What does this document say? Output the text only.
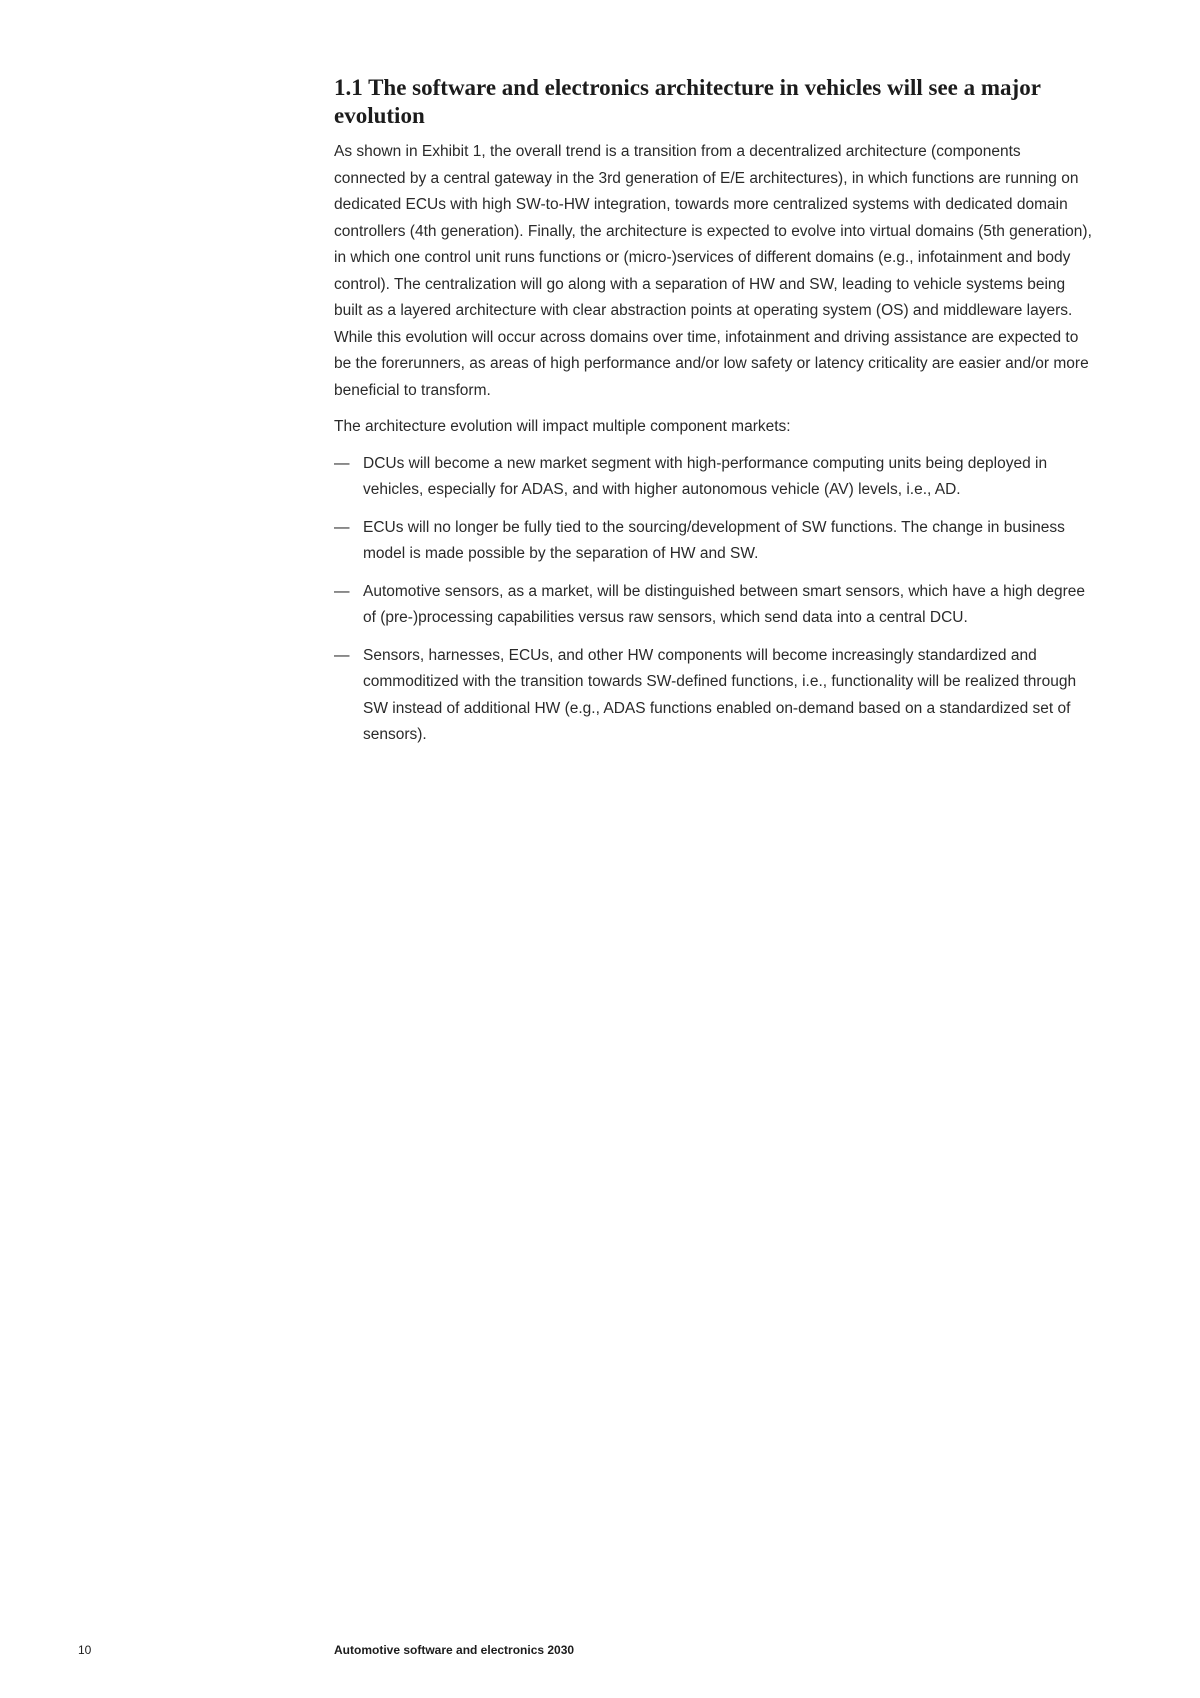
1.1 The software and electronics architecture in vehicles will see a major evolution

As shown in Exhibit 1, the overall trend is a transition from a decentralized architecture (components connected by a central gateway in the 3rd generation of E/E architectures), in which functions are running on dedicated ECUs with high SW-to-HW integration, towards more centralized systems with dedicated domain controllers (4th generation). Finally, the architecture is expected to evolve into virtual domains (5th generation), in which one control unit runs functions or (micro-)services of different domains (e.g., infotainment and body control). The centralization will go along with a separation of HW and SW, leading to vehicle systems being built as a layered architecture with clear abstraction points at operating system (OS) and middleware layers. While this evolution will occur across domains over time, infotainment and driving assistance are expected to be the forerunners, as areas of high performance and/or low safety or latency criticality are easier and/or more beneficial to transform.

The architecture evolution will impact multiple component markets:

— DCUs will become a new market segment with high-performance computing units being deployed in vehicles, especially for ADAS, and with higher autonomous vehicle (AV) levels, i.e., AD.
— ECUs will no longer be fully tied to the sourcing/development of SW functions. The change in business model is made possible by the separation of HW and SW.
— Automotive sensors, as a market, will be distinguished between smart sensors, which have a high degree of (pre-)processing capabilities versus raw sensors, which send data into a central DCU.
— Sensors, harnesses, ECUs, and other HW components will become increasingly standardized and commoditized with the transition towards SW-defined functions, i.e., functionality will be realized through SW instead of additional HW (e.g., ADAS functions enabled on-demand based on a standardized set of sensors).
10	Automotive software and electronics 2030
